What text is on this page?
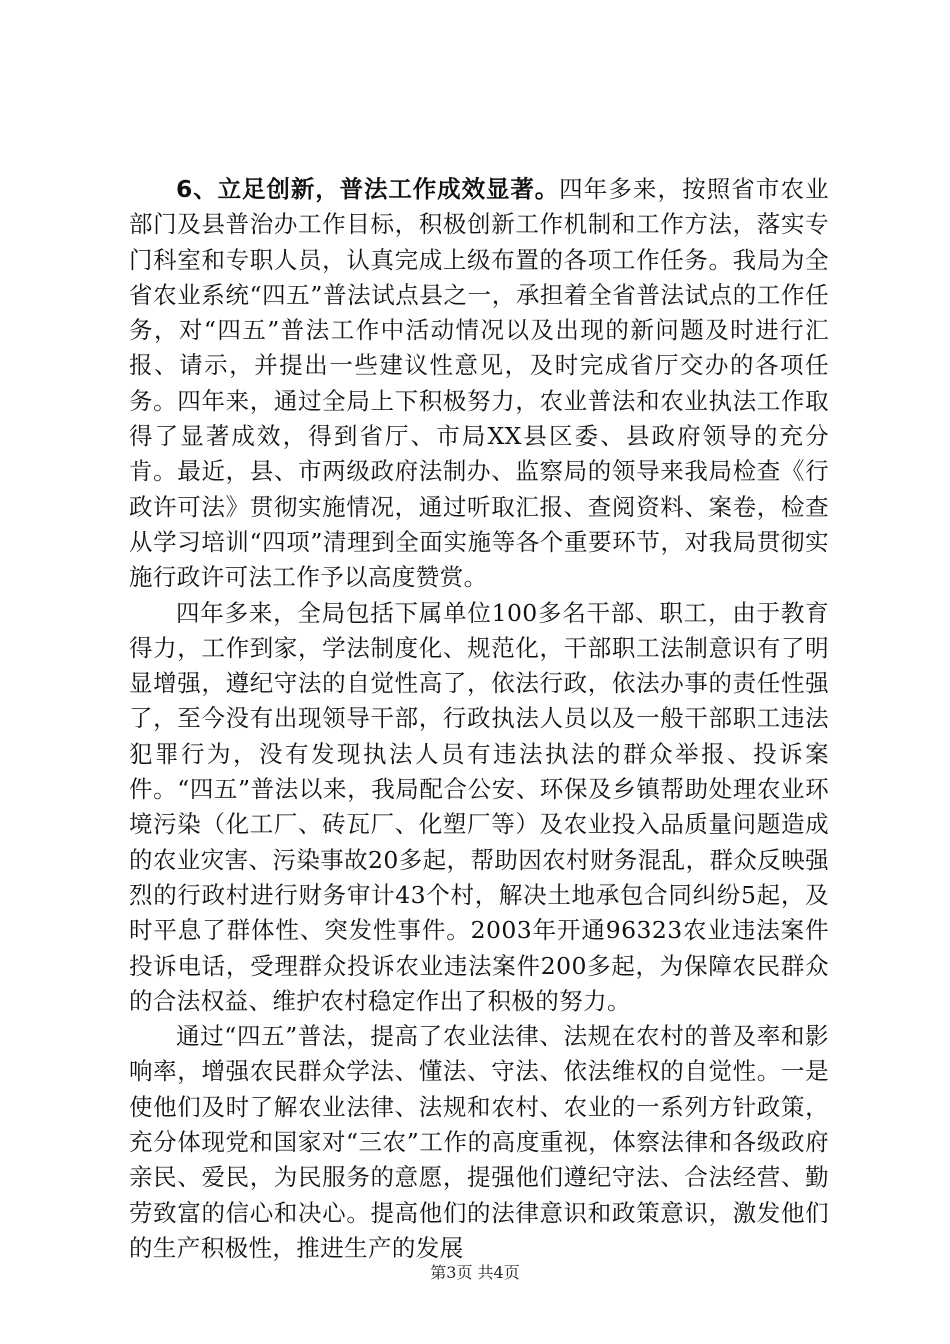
6、立足创新，普法工作成效显著。四年多来，按照省市农业部门及县普治办工作目标，积极创新工作机制和工作方法，落实专门科室和专职人员，认真完成上级布置的各项工作任务。我局为全省农业系统“四五”普法试点县之一，承担着全省普法试点的工作任务，对“四五”普法工作中活动情况以及出现的新问题及时进行汇报、请示，并提出一些建议性意见，及时完成省厅交办的各项任务。四年来，通过全局上下积极努力，农业普法和农业执法工作取得了显著成效，得到省厅、市局XX县区委、县政府领导的充分肯。最近，县、市两级政府法制办、监察局的领导来我局检查《行政许可法》贯彻实施情况，通过听取汇报、查阅资料、案卷，检查从学习培训“四项”清理到全面实施等各个重要环节，对我局贯彻实施行政许可法工作予以高度赞赏。

四年多来，全局包括下属单位100多名干部、职工，由于教育得力，工作到家，学法制度化、规范化，干部职工法制意识有了明显增强，遵纪守法的自觉性高了，依法行政，依法办事的责任性强了，至今没有出现领导干部，行政执法人员以及一般干部职工违法犯罪行为，没有发现执法人员有违法执法的群众举报、投诉案件。“四五”普法以来，我局配合公安、环保及乡镇帮助处理农业环境污染（化工厂、砖瓦厂、化塑厂等）及农业投入品质量问题造成的农业灾害、污染事故20多起，帮助因农村财务混乱，群众反映强烈的行政村进行财务审计43个村，解决土地承包合同纠纷5起，及时平息了群体性、突发性事件。2003年开通96323农业违法案件投诉电话，受理群众投诉农业违法案件200多起，为保障农民群众的合法权益、维护农村稳定作出了积极的努力。

通过“四五”普法，提高了农业法律、法规在农村的普及率和影响率，增强农民群众学法、懂法、守法、依法维权的自觉性。一是使他们及时了解农业法律、法规和农村、农业的一系列方针政策，充分体现党和国家对“三农”工作的高度重视，体察法律和各级政府亲民、爱民，为民服务的意愿，提强他们遵纪守法、合法经营、勤劳致富的信心和决心。提高他们的法律意识和政策意识，激发他们的生产积极性，推进生产的发展

第3页 共4页
